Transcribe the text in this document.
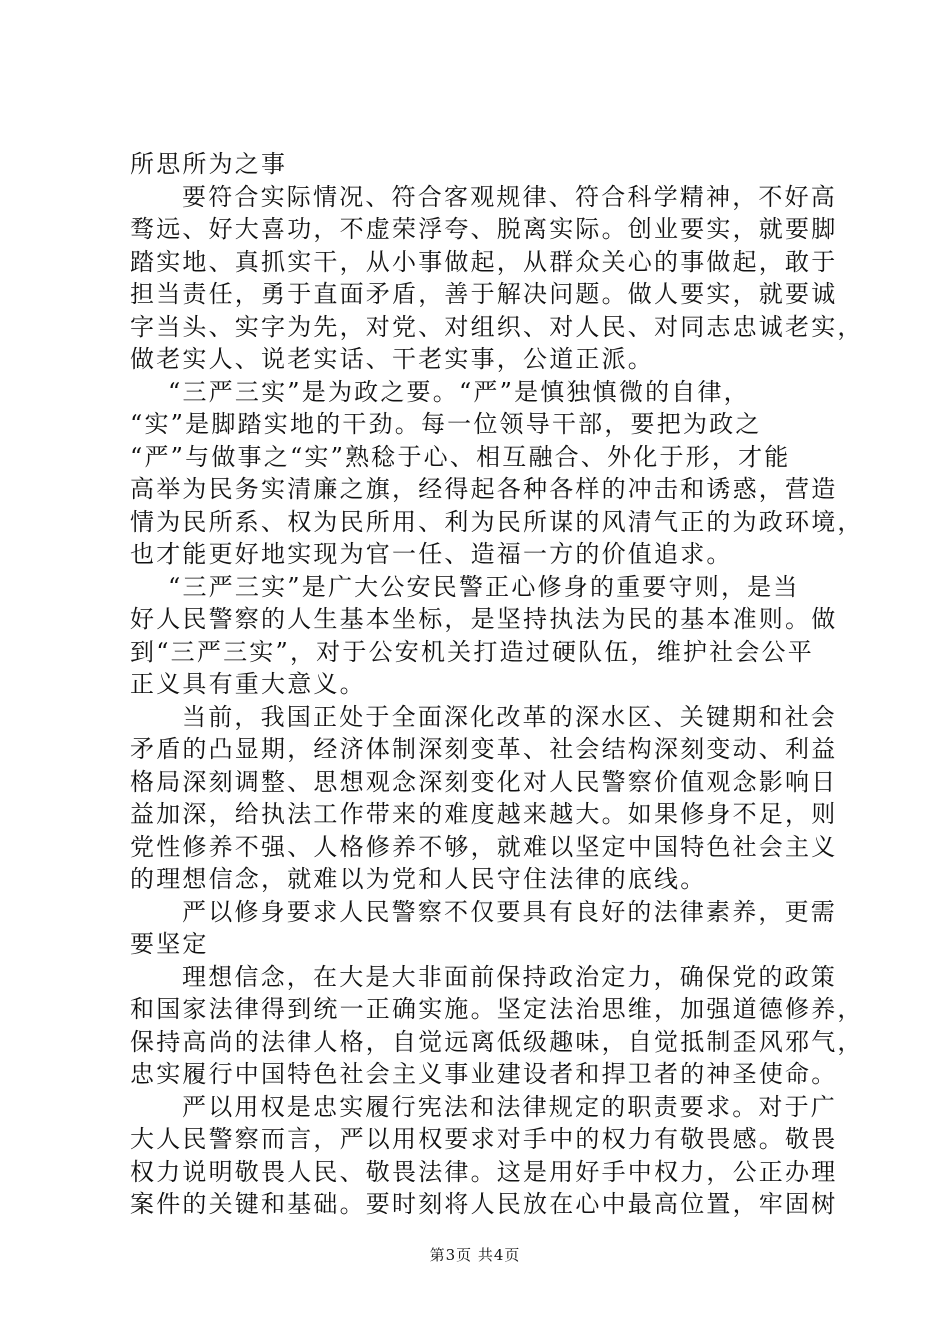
所思所为之事
要符合实际情况、符合客观规律、符合科学精神，不好高
骛远、好大喜功，不虚荣浮夸、脱离实际。创业要实，就要脚
踏实地、真抓实干，从小事做起，从群众关心的事做起，敢于
担当责任，勇于直面矛盾，善于解决问题。做人要实，就要诚
字当头、实字为先，对党、对组织、对人民、对同志忠诚老实，
做老实人、说老实话、干老实事，公道正派。
“三严三实”是为政之要。“严”是慎独慎微的自律，
“实”是脚踏实地的干劲。每一位领导干部，要把为政之
“严”与做事之“实”熟稔于心、相互融合、外化于形，才能
高举为民务实清廉之旗，经得起各种各样的冲击和诱惑，营造
情为民所系、权为民所用、利为民所谋的风清气正的为政环境，
也才能更好地实现为官一任、造福一方的价值追求。
“三严三实”是广大公安民警正心修身的重要守则，是当
好人民警察的人生基本坐标，是坚持执法为民的基本准则。做
到“三严三实”，对于公安机关打造过硬队伍，维护社会公平
正义具有重大意义。
当前，我国正处于全面深化改革的深水区、关键期和社会
矛盾的凸显期，经济体制深刻变革、社会结构深刻变动、利益
格局深刻调整、思想观念深刻变化对人民警察价值观念影响日
益加深，给执法工作带来的难度越来越大。如果修身不足，则
党性修养不强、人格修养不够，就难以坚定中国特色社会主义
的理想信念，就难以为党和人民守住法律的底线。
严以修身要求人民警察不仅要具有良好的法律素养，更需
要坚定
理想信念，在大是大非面前保持政治定力，确保党的政策
和国家法律得到统一正确实施。坚定法治思维，加强道德修养，
保持高尚的法律人格，自觉远离低级趣味，自觉抵制歪风邪气，
忠实履行中国特色社会主义事业建设者和捍卫者的神圣使命。
严以用权是忠实履行宪法和法律规定的职责要求。对于广
大人民警察而言，严以用权要求对手中的权力有敬畏感。敬畏
权力说明敬畏人民、敬畏法律。这是用好手中权力，公正办理
案件的关键和基础。要时刻将人民放在心中最高位置，牢固树
第3页 共4页
